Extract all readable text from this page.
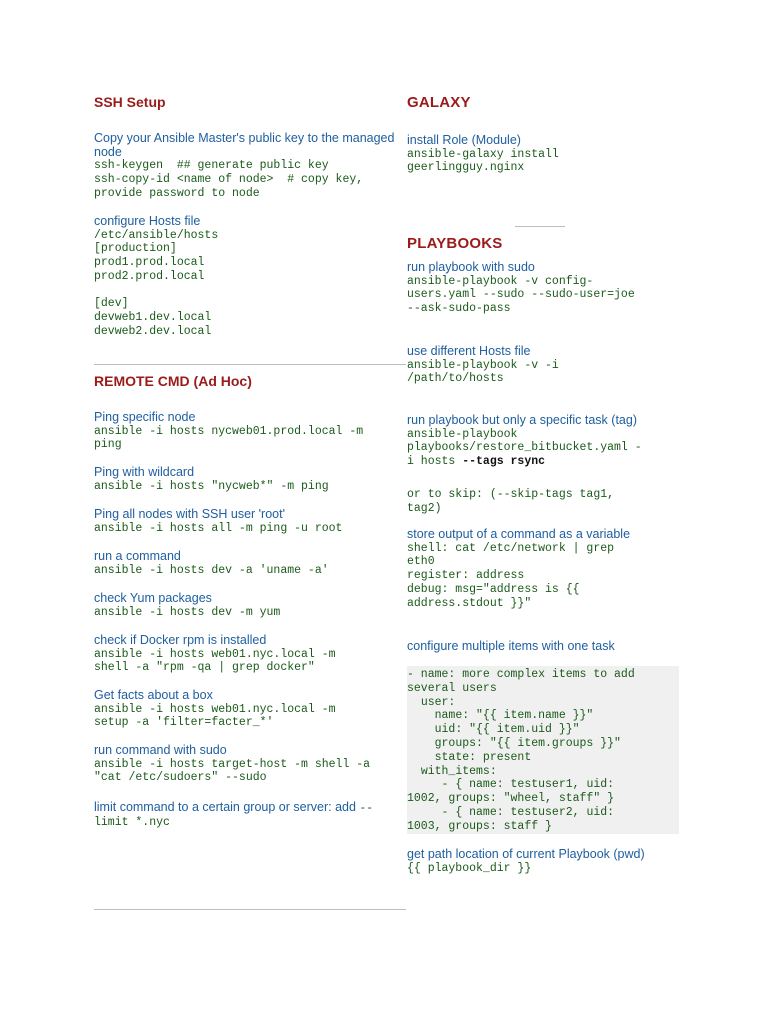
SSH Setup

Copy your Ansible Master's public key to the managed node

ssh-keygen  ## generate public key
ssh-copy-id <name of node>  # copy key,
provide password to node

configure Hosts file

/etc/ansible/hosts
[production]
prod1.prod.local
prod2.prod.local

[dev]
devweb1.dev.local
devweb2.dev.local

REMOTE CMD (Ad Hoc)

Ping specific node

ansible -i hosts nycweb01.prod.local -m
ping

Ping with wildcard

ansible -i hosts "nycweb*" -m ping

Ping all nodes with SSH user 'root'

ansible -i hosts all -m ping -u root

run a command

ansible -i hosts dev -a 'uname -a'

check Yum packages

ansible -i hosts dev -m yum

check if Docker rpm is installed

ansible -i hosts web01.nyc.local -m
shell -a "rpm -qa | grep docker"

Get facts about a box

ansible -i hosts web01.nyc.local -m
setup -a 'filter=facter_*'

run command with sudo

ansible -i hosts target-host -m shell -a
"cat /etc/sudoers" --sudo

limit command to a certain group or server: add --

limit *.nyc

GALAXY

install Role (Module)

ansible-galaxy install
geerlingguy.nginx

PLAYBOOKS

run playbook with sudo

ansible-playbook -v config-
users.yaml --sudo --sudo-user=joe
--ask-sudo-pass

use different Hosts file

ansible-playbook -v -i
/path/to/hosts

run playbook but only a specific task (tag)

ansible-playbook
playbooks/restore_bitbucket.yaml -
i hosts --tags rsync
or to skip: (--skip-tags tag1,
tag2)

store output of a command as a variable

shell: cat /etc/network | grep
eth0
register: address
debug: msg="address is {{
address.stdout }}"

configure multiple items with one task

- name: more complex items to add
several users
user:
name: "{{ item.name }}"
uid: "{{ item.uid }}"
groups: "{{ item.groups }}"
state: present
with_items:
- { name: testuser1, uid:
1002, groups: "wheel, staff" }
- { name: testuser2, uid:
1003, groups: staff }

get path location of current Playbook (pwd)

{{ playbook_dir }}
